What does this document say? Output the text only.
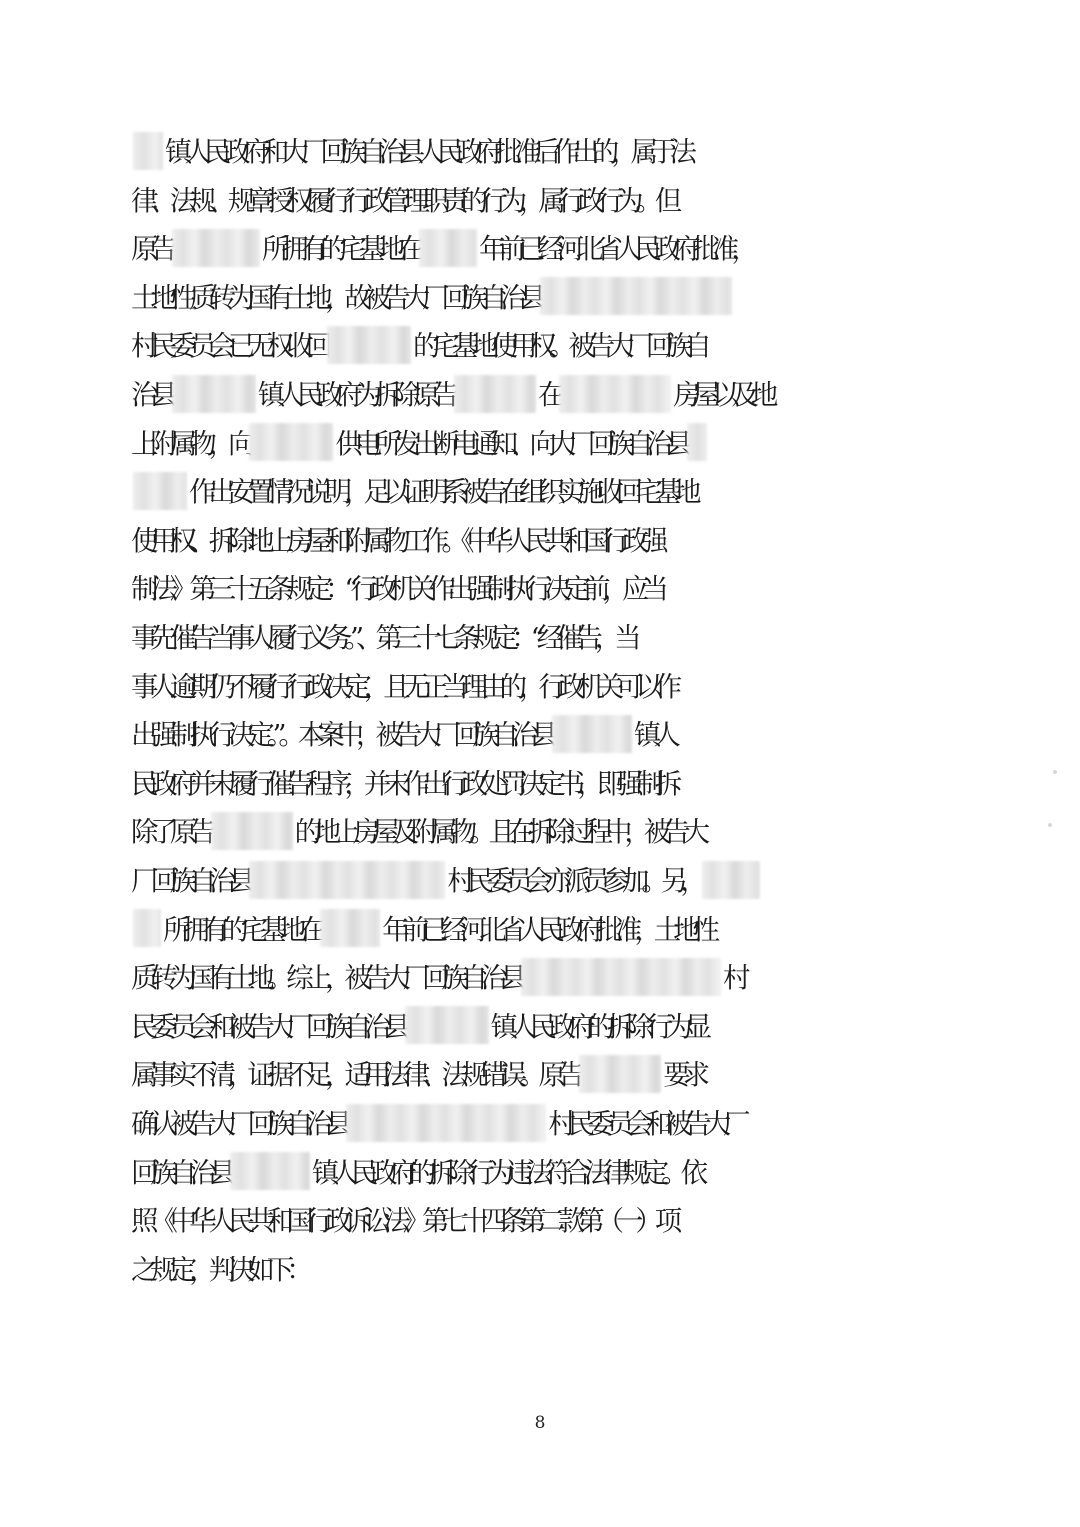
镇人民政府和大厂回族自治县人民政府批准后作出的，属于法
律、法规、规章授权履行行政管理职责的行为，属行政行为。但
原告	所拥有的宅基地在 年前已经河北省人民政府批准，
土地性质转为国有土地，故被告大厂回族自治县
村民委员会已无权收回	的宅基地使用权。被告大厂回族自
治县	镇人民政府为拆除原告	在	房屋以及地
上附属物，向	供电所发出断电通知、向大厂回族自治县
作出安置情况说明，足以证明系被告在组织实施收回宅基地
使用权、拆除地上房屋和附属物工作。《中华人民共和国行政强
制法》第三十五条规定：“行政机关作出强制执行决定前，应当
事先催告当事人履行义务。”、第三十七条规定：“经催告，当
事人逾期仍不履行行政决定，且无正当理由的，行政机关可以作
出强制执行决定。”。本案中，被告大厂回族自治县	镇人
民政府并未履行催告程序，并未作出行政处罚决定书，即强制拆
除了原告	的地上房屋及附属物。且在拆除过程中，被告大
厂回族自治县	村民委员会亦派员参加。另，
所拥有的宅基地在 年前已经河北省人民政府批准，土地性
质转为国有土地。综上，被告大厂回族自治县	村
民委员会和被告大厂回族自治县	镇人民政府的拆除行为显
属事实不清，证据不足，适用法律、法规错误。原告	要求
确认被告大厂回族自治县	村民委员会和被告大厂
回族自治县	镇人民政府的拆除行为违法符合法律规定。依
照《中华人民共和国行政诉讼法》第七十四条第二款第（一）项
之规定，判决如下：
8
